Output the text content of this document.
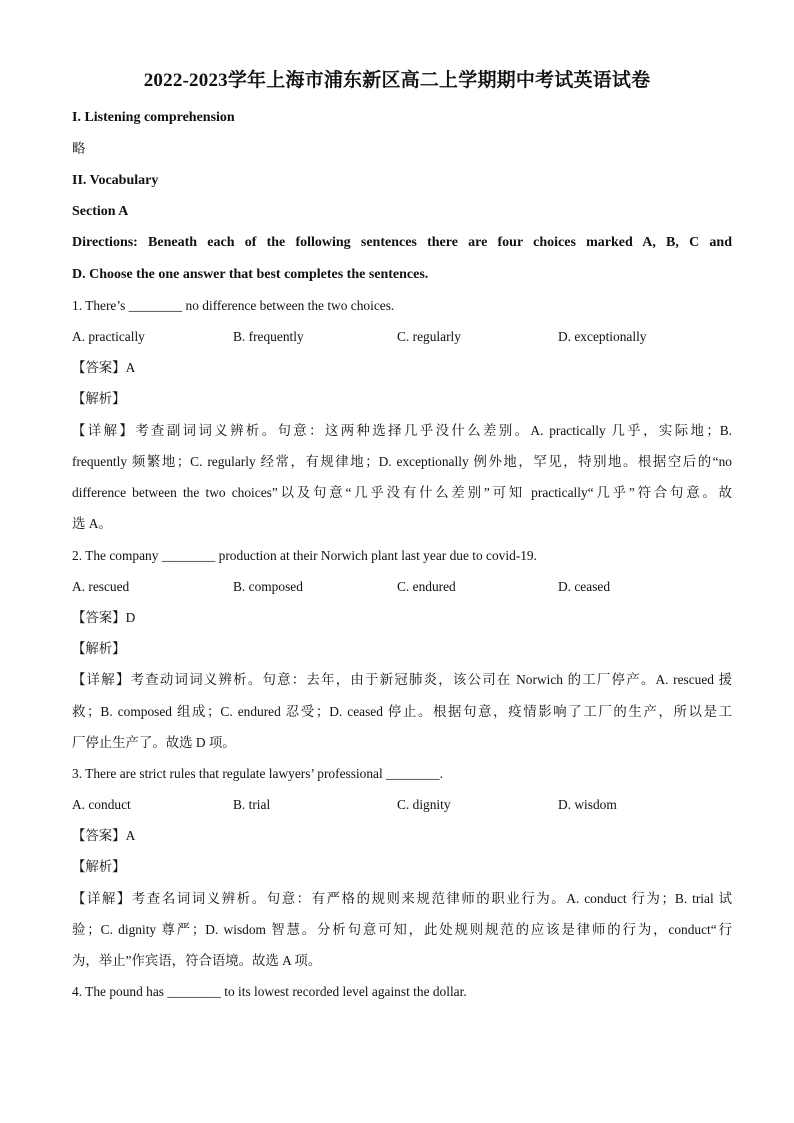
2022-2023学年上海市浦东新区高二上学期期中考试英语试卷
I. Listening comprehension
略
II. Vocabulary
Section A
Directions: Beneath each of the following sentences there are four choices marked A, B, C and
D. Choose the one answer that best completes the sentences.
1. There’s ________ no difference between the two choices.
A. practically	B. frequently	C. regularly	D. exceptionally
【答案】A
【解析】
【详解】考查副词词义辨析。句意：这两种选择几乎没什么差别。A. practically 几乎，实际地；B.
frequently 频繁地；C. regularly 经常，有规律地；D. exceptionally 例外地，罕见，特别地。根据空后的“no
difference between the two choices”以及句意“几乎没有什么差别”可知 practically“几乎”符合句意。故
选 A。
2. The company ________ production at their Norwich plant last year due to covid-19.
A. rescued	B. composed	C. endured	D. ceased
【答案】D
【解析】
【详解】考查动词词义辨析。句意：去年，由于新冠肺炎，该公司在 Norwich 的工厂停产。A. rescued 援
救；B. composed 组成；C. endured 忍受；D. ceased 停止。根据句意，疫情影响了工厂的生产，所以是工
厂停止生产了。故选 D 项。
3. There are strict rules that regulate lawyers’ professional ________.
A. conduct	B. trial	C. dignity	D. wisdom
【答案】A
【解析】
【详解】考查名词词义辨析。句意：有严格的规则来规范律师的职业行为。A. conduct 行为；B. trial 试
验；C. dignity 尊严；D. wisdom 智慧。分析句意可知，此处规则规范的应该是律师的行为，conduct“行
为，举止”作宾语，符合语境。故选 A 项。
4. The pound has ________ to its lowest recorded level against the dollar.
